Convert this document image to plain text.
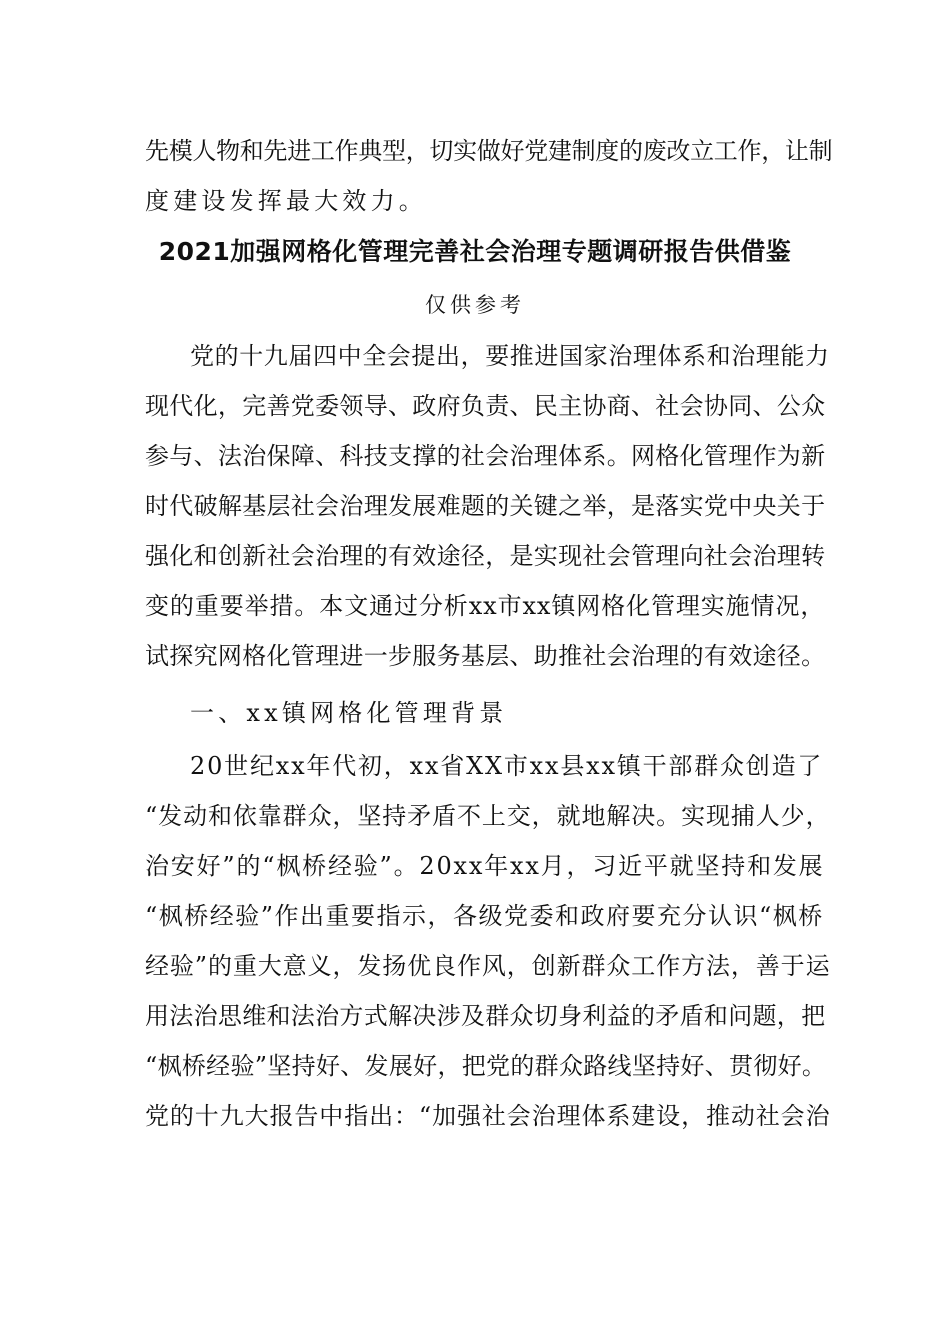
先模人物和先进工作典型，切实做好党建制度的废改立工作，让制
度建设发挥最大效力。
2021加强网格化管理完善社会治理专题调研报告供借鉴
仅供参考
党的十九届四中全会提出，要推进国家治理体系和治理能力
现代化，完善党委领导、政府负责、民主协商、社会协同、公众
参与、法治保障、科技支撑的社会治理体系。网格化管理作为新
时代破解基层社会治理发展难题的关键之举，是落实党中央关于
强化和创新社会治理的有效途径，是实现社会管理向社会治理转
变的重要举措。本文通过分析xx市xx镇网格化管理实施情况，
试探究网格化管理进一步服务基层、助推社会治理的有效途径。
一、xx镇网格化管理背景
20世纪xx年代初，xx省XX市xx县xx镇干部群众创造了
“发动和依靠群众，坚持矛盾不上交，就地解决。实现捕人少，
治安好”的“枫桥经验”。20xx年xx月，习近平就坚持和发展
“枫桥经验”作出重要指示，各级党委和政府要充分认识“枫桥
经验”的重大意义，发扬优良作风，创新群众工作方法，善于运
用法治思维和法治方式解决涉及群众切身利益的矛盾和问题，把
“枫桥经验”坚持好、发展好，把党的群众路线坚持好、贯彻好。
党的十九大报告中指出：“加强社会治理体系建设，推动社会治
